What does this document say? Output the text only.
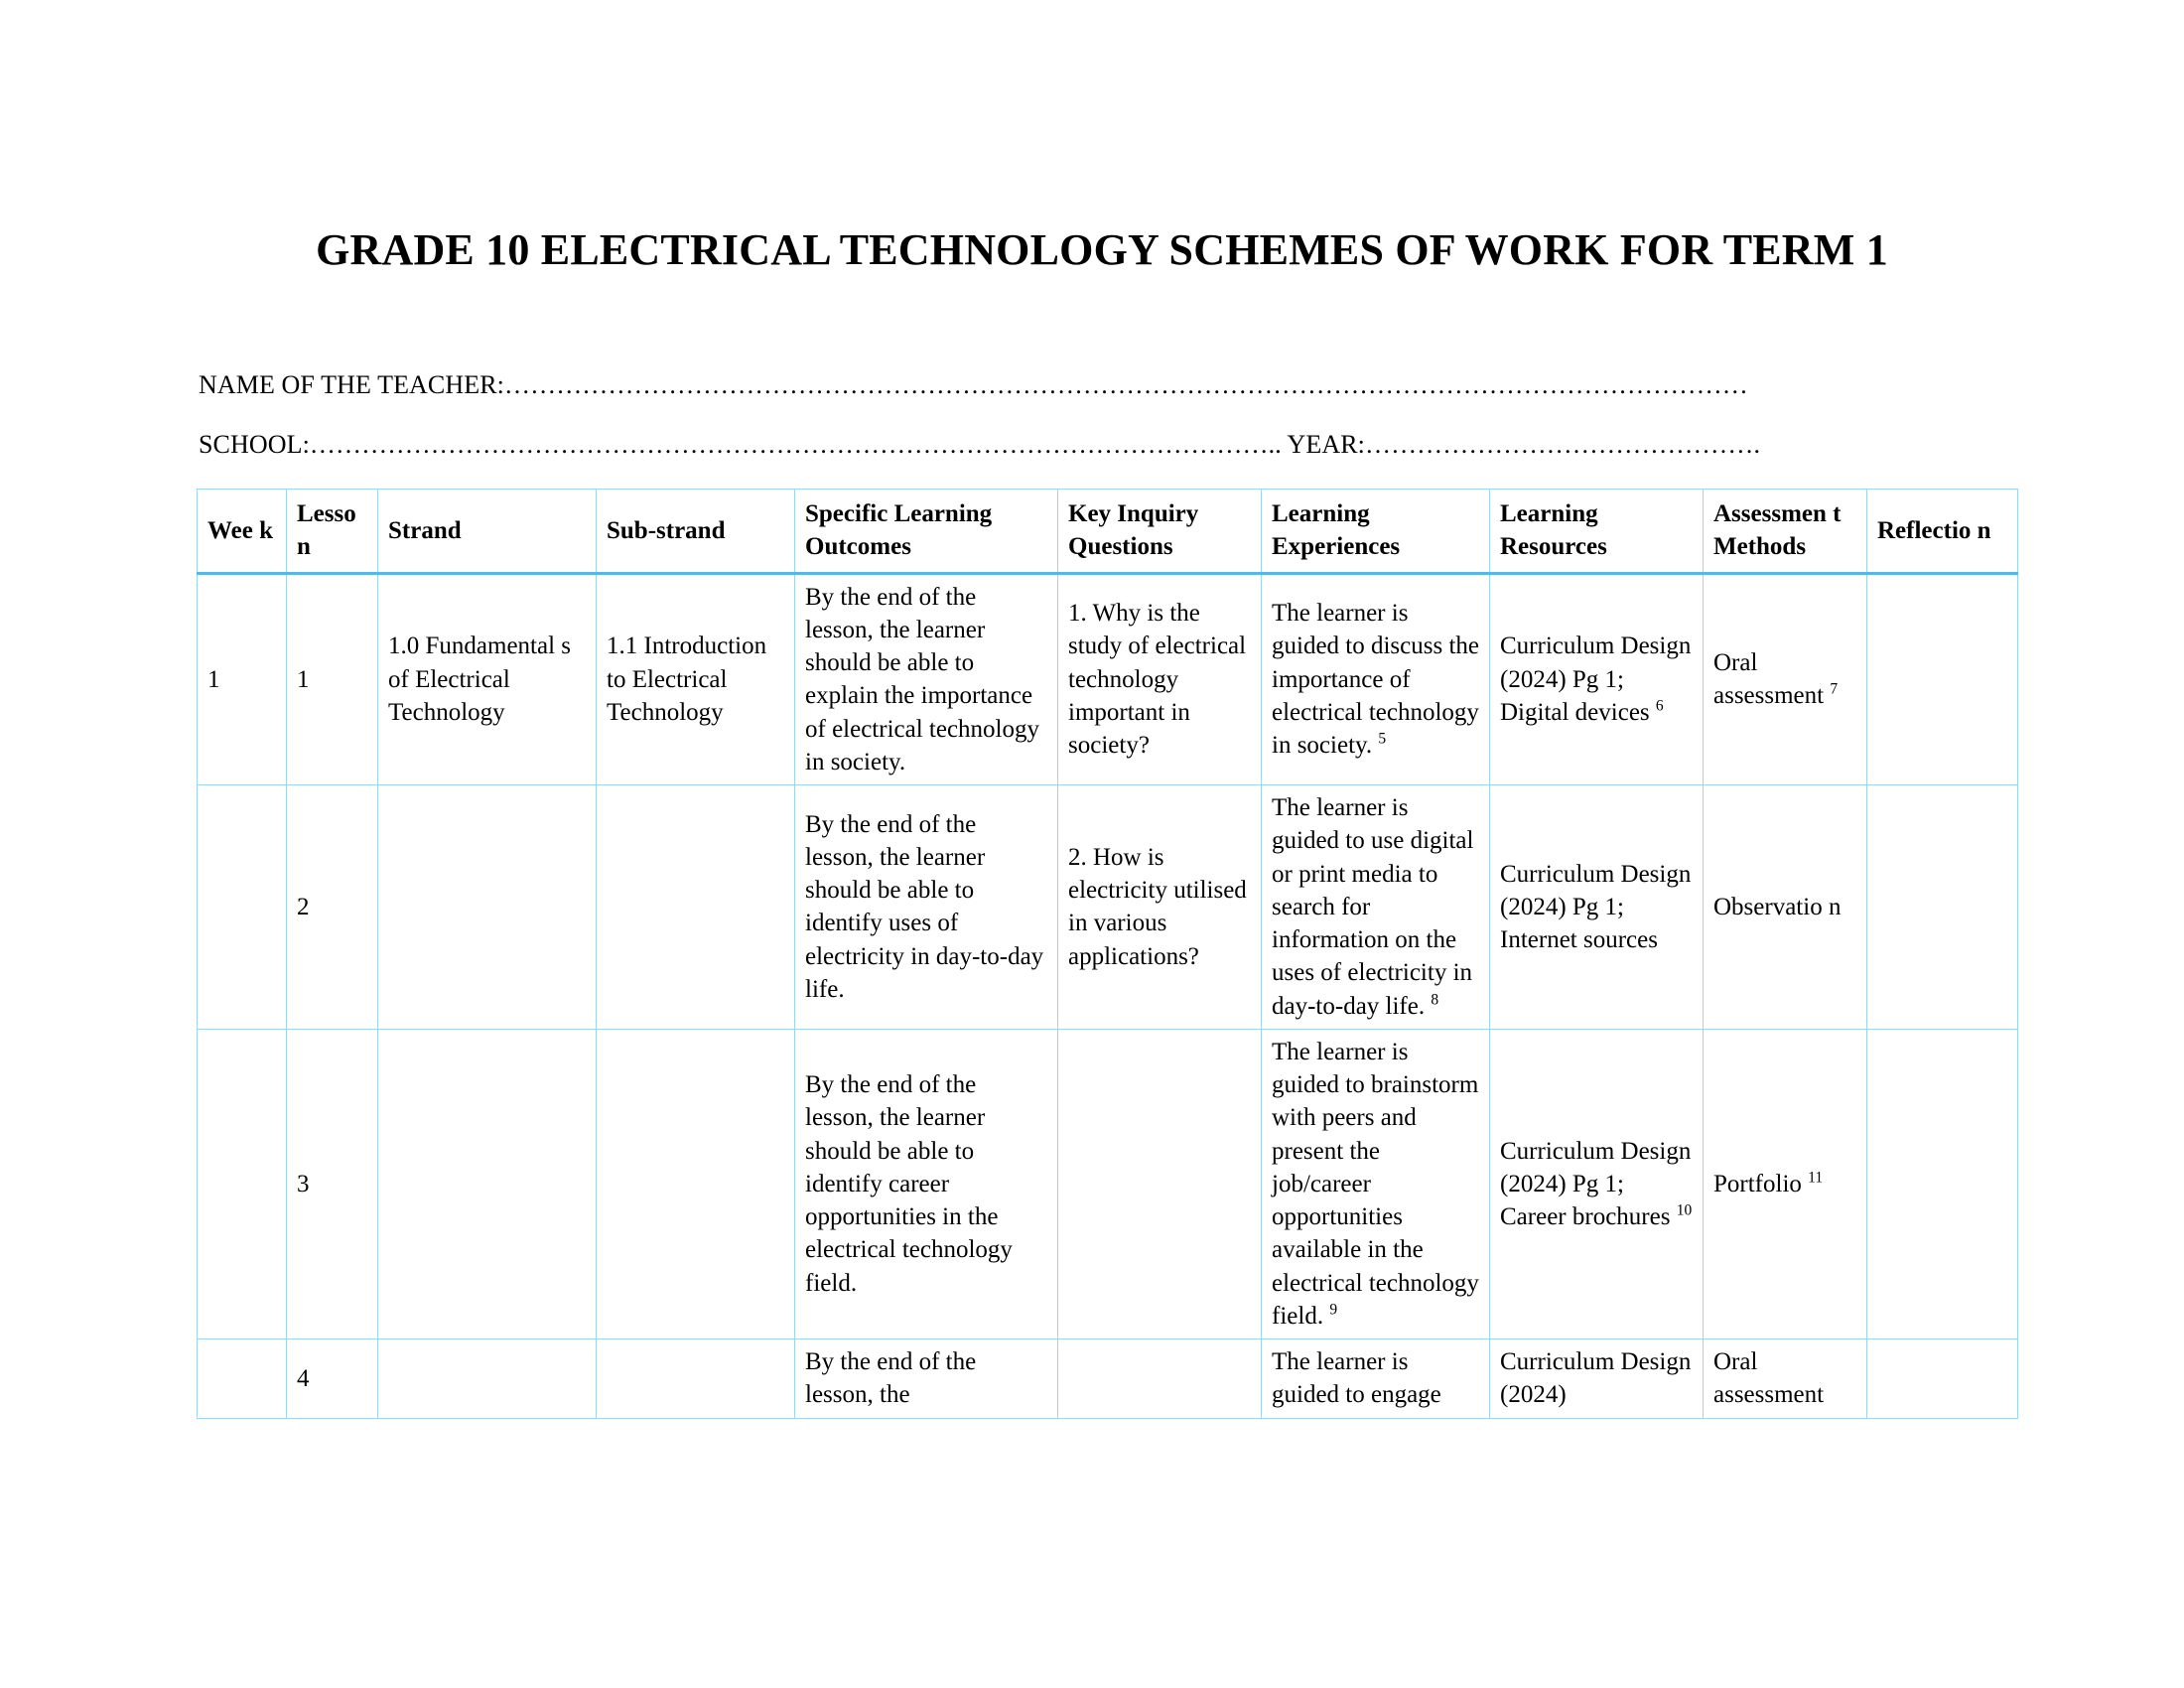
GRADE 10 ELECTRICAL TECHNOLOGY SCHEMES OF WORK FOR TERM 1
NAME OF THE TEACHER:………………………………………………………………………………………………………………………………
SCHOOL:………………………………………………………………………………………………….. YEAR:……………………………………….
Wee k	Lesso n	Strand	Sub-strand	Specific Learning Outcomes	Key Inquiry Questions	Learning Experiences	Learning Resources	Assessmen t Methods	Reflectio n
1	1	1.0 Fundamental s of Electrical Technology	1.1 Introduction to Electrical Technology	By the end of the lesson, the learner should be able to explain the importance of electrical technology in society.	1. Why is the study of electrical technology important in society?	The learner is guided to discuss the importance of electrical technology in society. $^5$	Curriculum Design (2024) Pg 1; Digital devices $^6$	Oral assessment $^7$	
	2			By the end of the lesson, the learner should be able to identify uses of electricity in day-to-day life.	2. How is electricity utilised in various applications?	The learner is guided to use digital or print media to search for information on the uses of electricity in day-to-day life. $^8$	Curriculum Design (2024) Pg 1; Internet sources	Observatio n	
	3			By the end of the lesson, the learner should be able to identify career opportunities in the electrical technology field.		The learner is guided to brainstorm with peers and present the job/career opportunities available in the electrical technology field. $^9$	Curriculum Design (2024) Pg 1; Career brochures $^{10}$	Portfolio $^{11}$	
	4			By the end of the lesson, the		The learner is guided to engage	Curriculum Design (2024)	Oral assessment	
